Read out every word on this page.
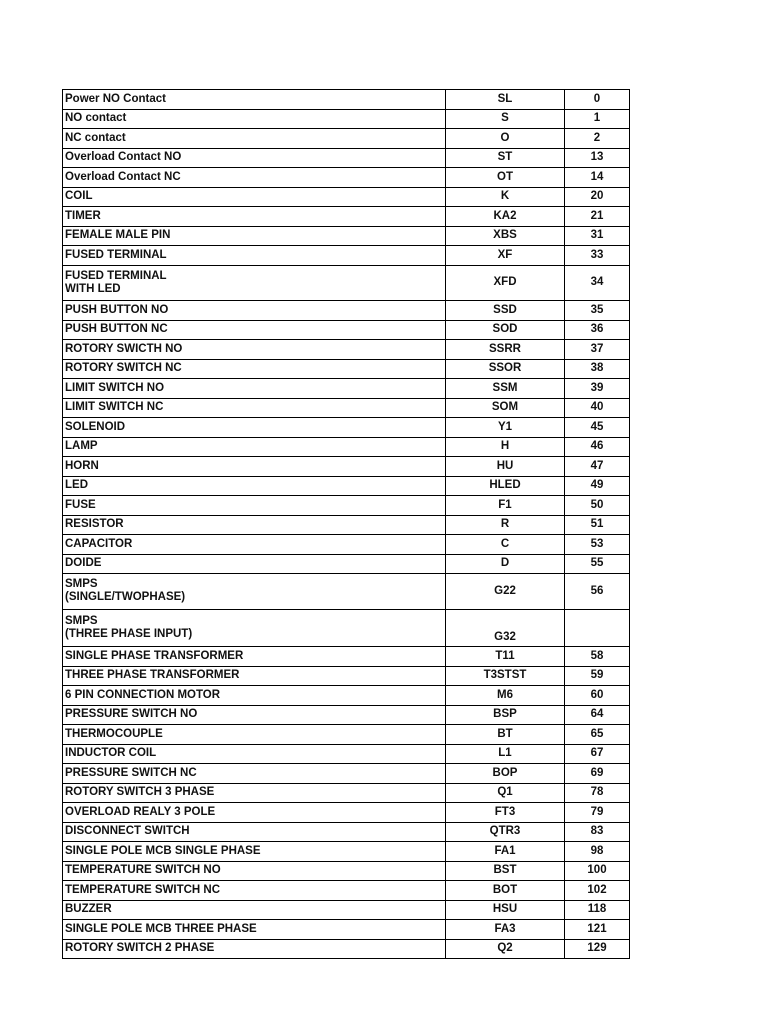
Power NO Contact	SL	0
NO contact	S	1
NC contact	O	2
Overload Contact NO	ST	13
Overload Contact NC	OT	14
COIL	K	20
TIMER	KA2	21
FEMALE MALE PIN	XBS	31
FUSED TERMINAL	XF	33
FUSED TERMINAL
WITH LED	XFD	34
PUSH BUTTON NO	SSD	35
PUSH BUTTON NC	SOD	36
ROTORY SWICTH NO	SSRR	37
ROTORY SWITCH NC	SSOR	38
LIMIT SWITCH NO	SSM	39
LIMIT SWITCH NC	SOM	40
SOLENOID	Y1	45
LAMP	H	46
HORN	HU	47
LED	HLED	49
FUSE	F1	50
RESISTOR	R	51
CAPACITOR	C	53
DOIDE	D	55
SMPS
(SINGLE/TWOPHASE)	G22	56
SMPS
(THREE PHASE INPUT)	G32	
SINGLE PHASE TRANSFORMER	T11	58
THREE PHASE TRANSFORMER	T3STST	59
6 PIN CONNECTION MOTOR	M6	60
PRESSURE SWITCH NO	BSP	64
THERMOCOUPLE	BT	65
INDUCTOR COIL	L1	67
PRESSURE SWITCH NC	BOP	69
ROTORY SWITCH 3 PHASE	Q1	78
OVERLOAD REALY 3 POLE	FT3	79
DISCONNECT SWITCH	QTR3	83
SINGLE POLE MCB SINGLE PHASE	FA1	98
TEMPERATURE SWITCH NO	BST	100
TEMPERATURE SWITCH NC	BOT	102
BUZZER	HSU	118
SINGLE POLE MCB THREE PHASE	FA3	121
ROTORY SWITCH 2 PHASE	Q2	129
